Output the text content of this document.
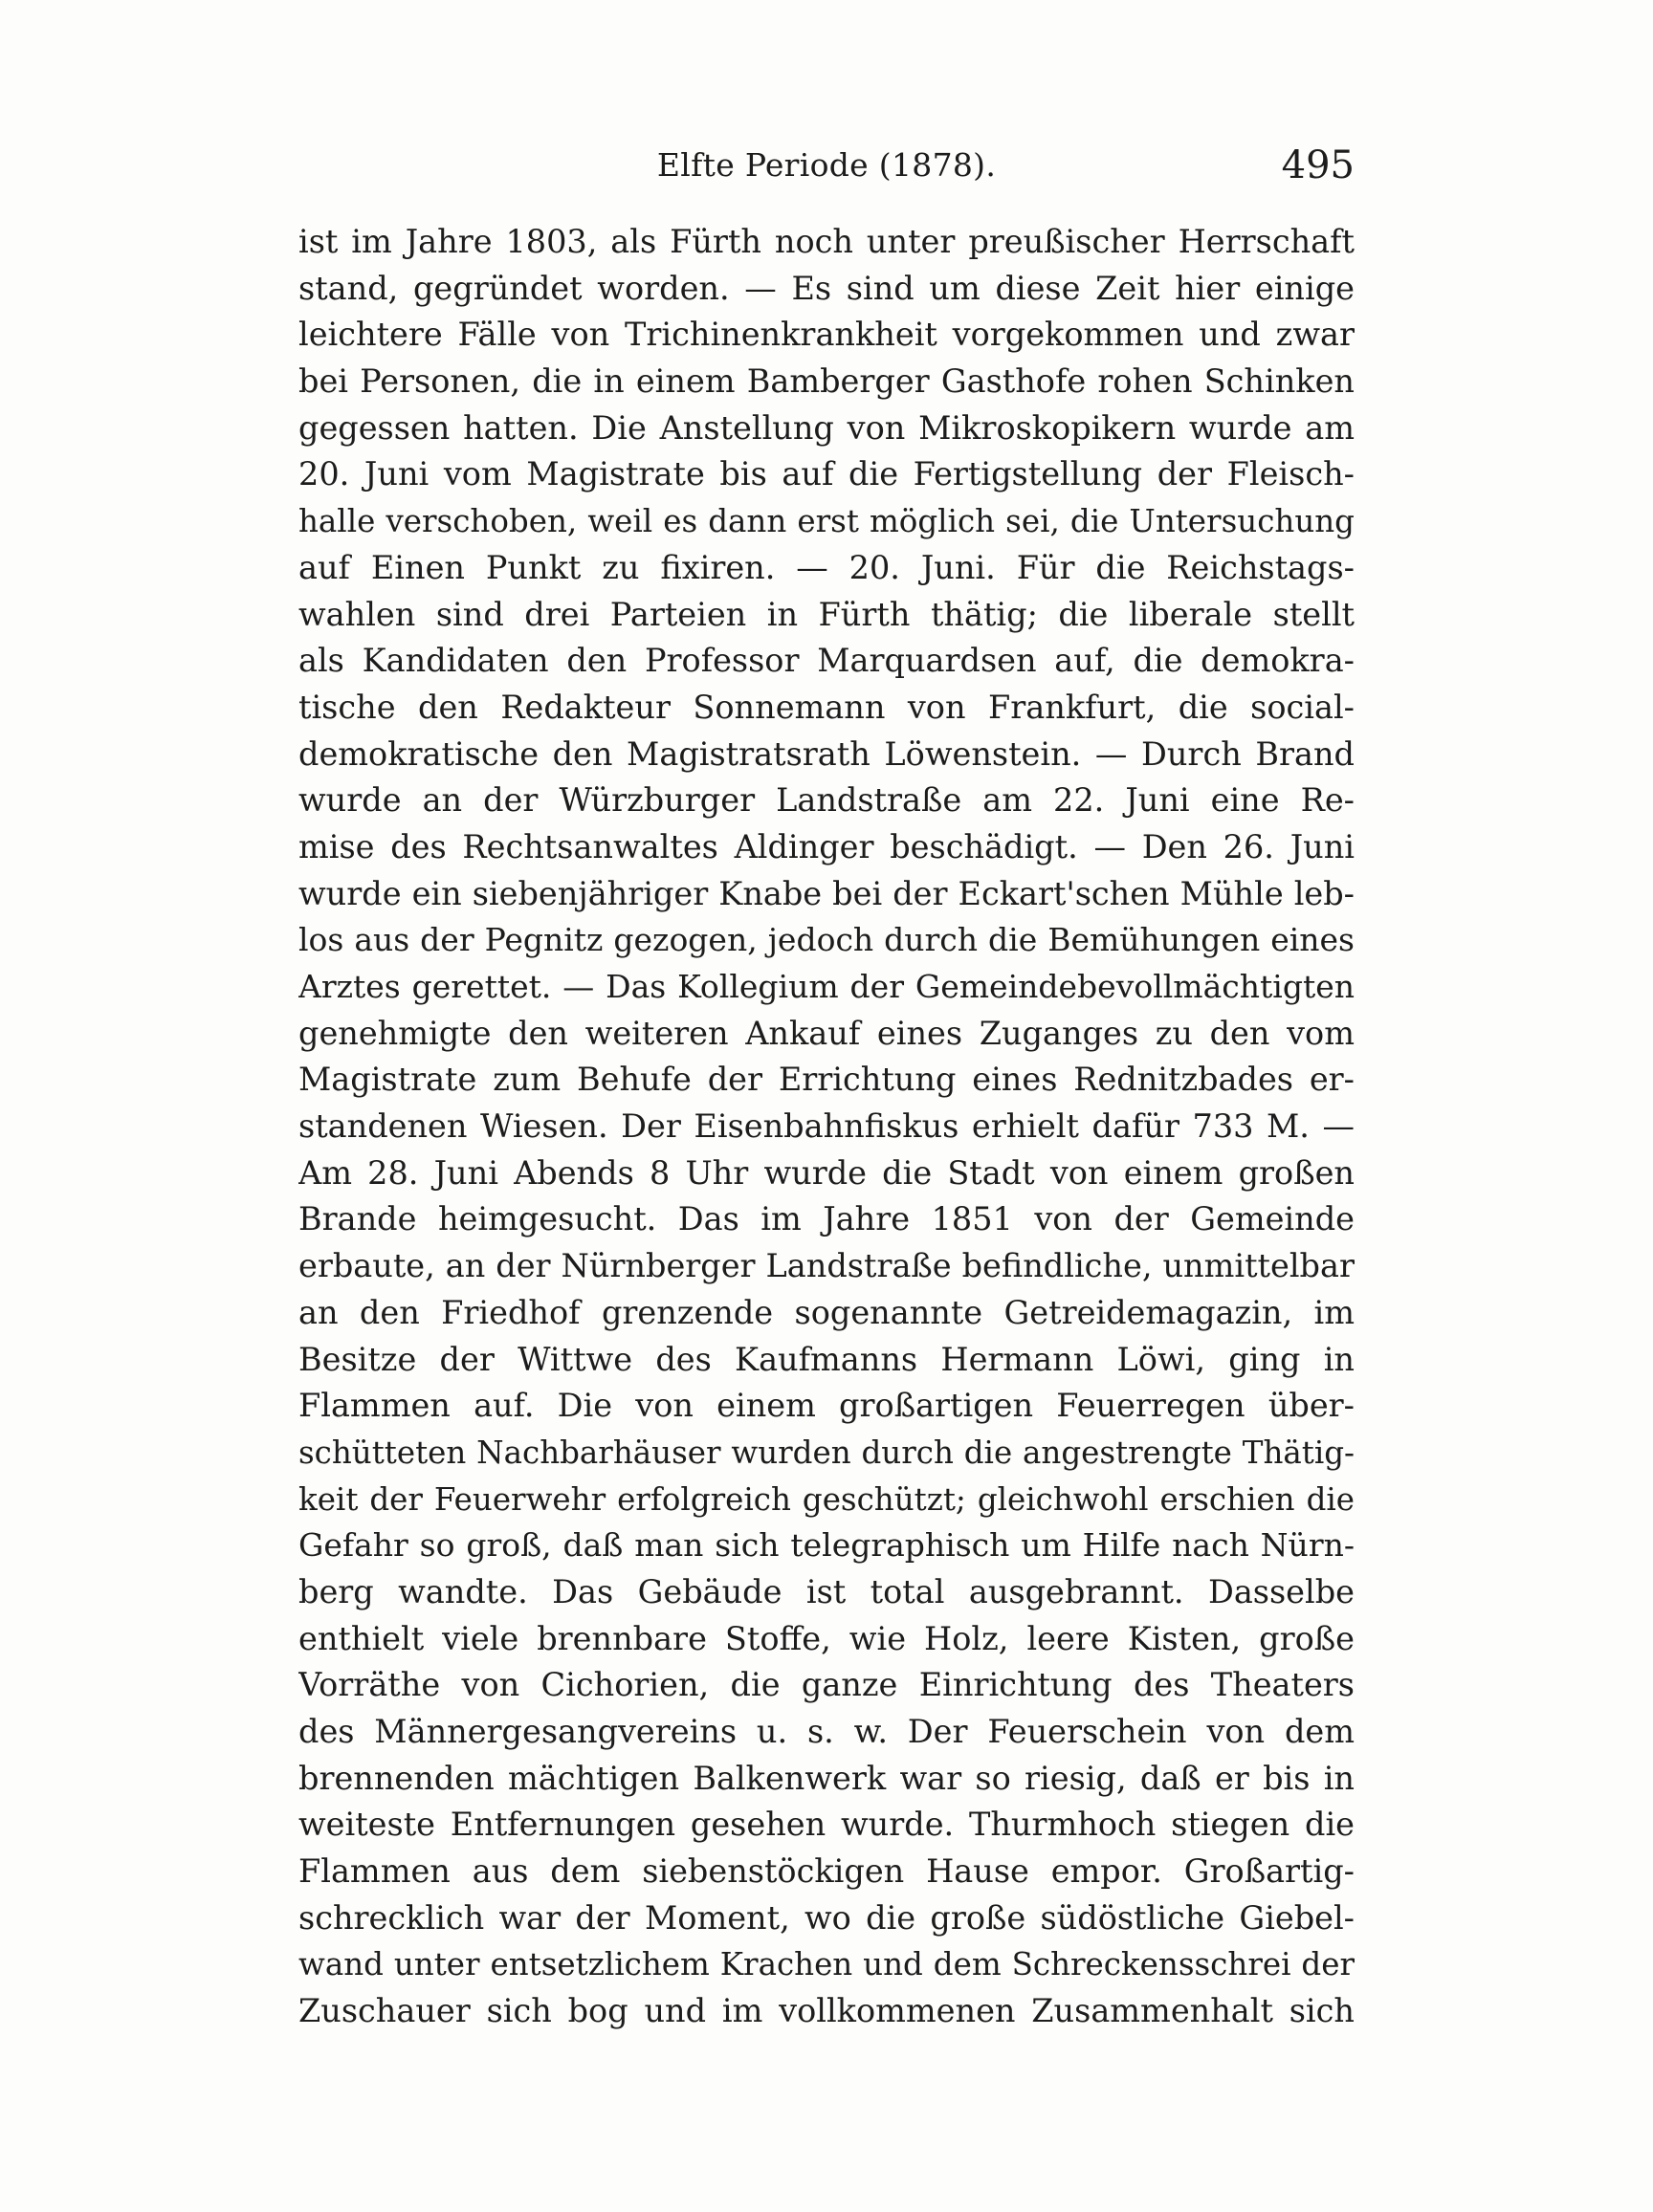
Elfte Periode (1878).	495
ist im Jahre 1803, als Fürth noch unter preußischer Herrschaft
stand, gegründet worden. — Es sind um diese Zeit hier einige
leichtere Fälle von Trichinenkrankheit vorgekommen und zwar
bei Personen, die in einem Bamberger Gasthofe rohen Schinken
gegessen hatten. Die Anstellung von Mikroskopikern wurde am
20. Juni vom Magistrate bis auf die Fertigstellung der Fleisch-
halle verschoben, weil es dann erst möglich sei, die Untersuchung
auf Einen Punkt zu fixiren. — 20. Juni. Für die Reichstags-
wahlen sind drei Parteien in Fürth thätig; die liberale stellt
als Kandidaten den Professor Marquardsen auf, die demokra-
tische den Redakteur Sonnemann von Frankfurt, die social-
demokratische den Magistratsrath Löwenstein. — Durch Brand
wurde an der Würzburger Landstraße am 22. Juni eine Re-
mise des Rechtsanwaltes Aldinger beschädigt. — Den 26. Juni
wurde ein siebenjähriger Knabe bei der Eckart'schen Mühle leb-
los aus der Pegnitz gezogen, jedoch durch die Bemühungen eines
Arztes gerettet. — Das Kollegium der Gemeindebevollmächtigten
genehmigte den weiteren Ankauf eines Zuganges zu den vom
Magistrate zum Behufe der Errichtung eines Rednitzbades er-
standenen Wiesen. Der Eisenbahnfiskus erhielt dafür 733 M. —
Am 28. Juni Abends 8 Uhr wurde die Stadt von einem großen
Brande heimgesucht. Das im Jahre 1851 von der Gemeinde
erbaute, an der Nürnberger Landstraße befindliche, unmittelbar
an den Friedhof grenzende sogenannte Getreidemagazin, im
Besitze der Wittwe des Kaufmanns Hermann Löwi, ging in
Flammen auf. Die von einem großartigen Feuerregen über-
schütteten Nachbarhäuser wurden durch die angestrengte Thätig-
keit der Feuerwehr erfolgreich geschützt; gleichwohl erschien die
Gefahr so groß, daß man sich telegraphisch um Hilfe nach Nürn-
berg wandte. Das Gebäude ist total ausgebrannt. Dasselbe
enthielt viele brennbare Stoffe, wie Holz, leere Kisten, große
Vorräthe von Cichorien, die ganze Einrichtung des Theaters
des Männergesangvereins u. s. w. Der Feuerschein von dem
brennenden mächtigen Balkenwerk war so riesig, daß er bis in
weiteste Entfernungen gesehen wurde. Thurmhoch stiegen die
Flammen aus dem siebenstöckigen Hause empor. Großartig-
schrecklich war der Moment, wo die große südöstliche Giebel-
wand unter entsetzlichem Krachen und dem Schreckensschrei der
Zuschauer sich bog und im vollkommenen Zusammenhalt sich
